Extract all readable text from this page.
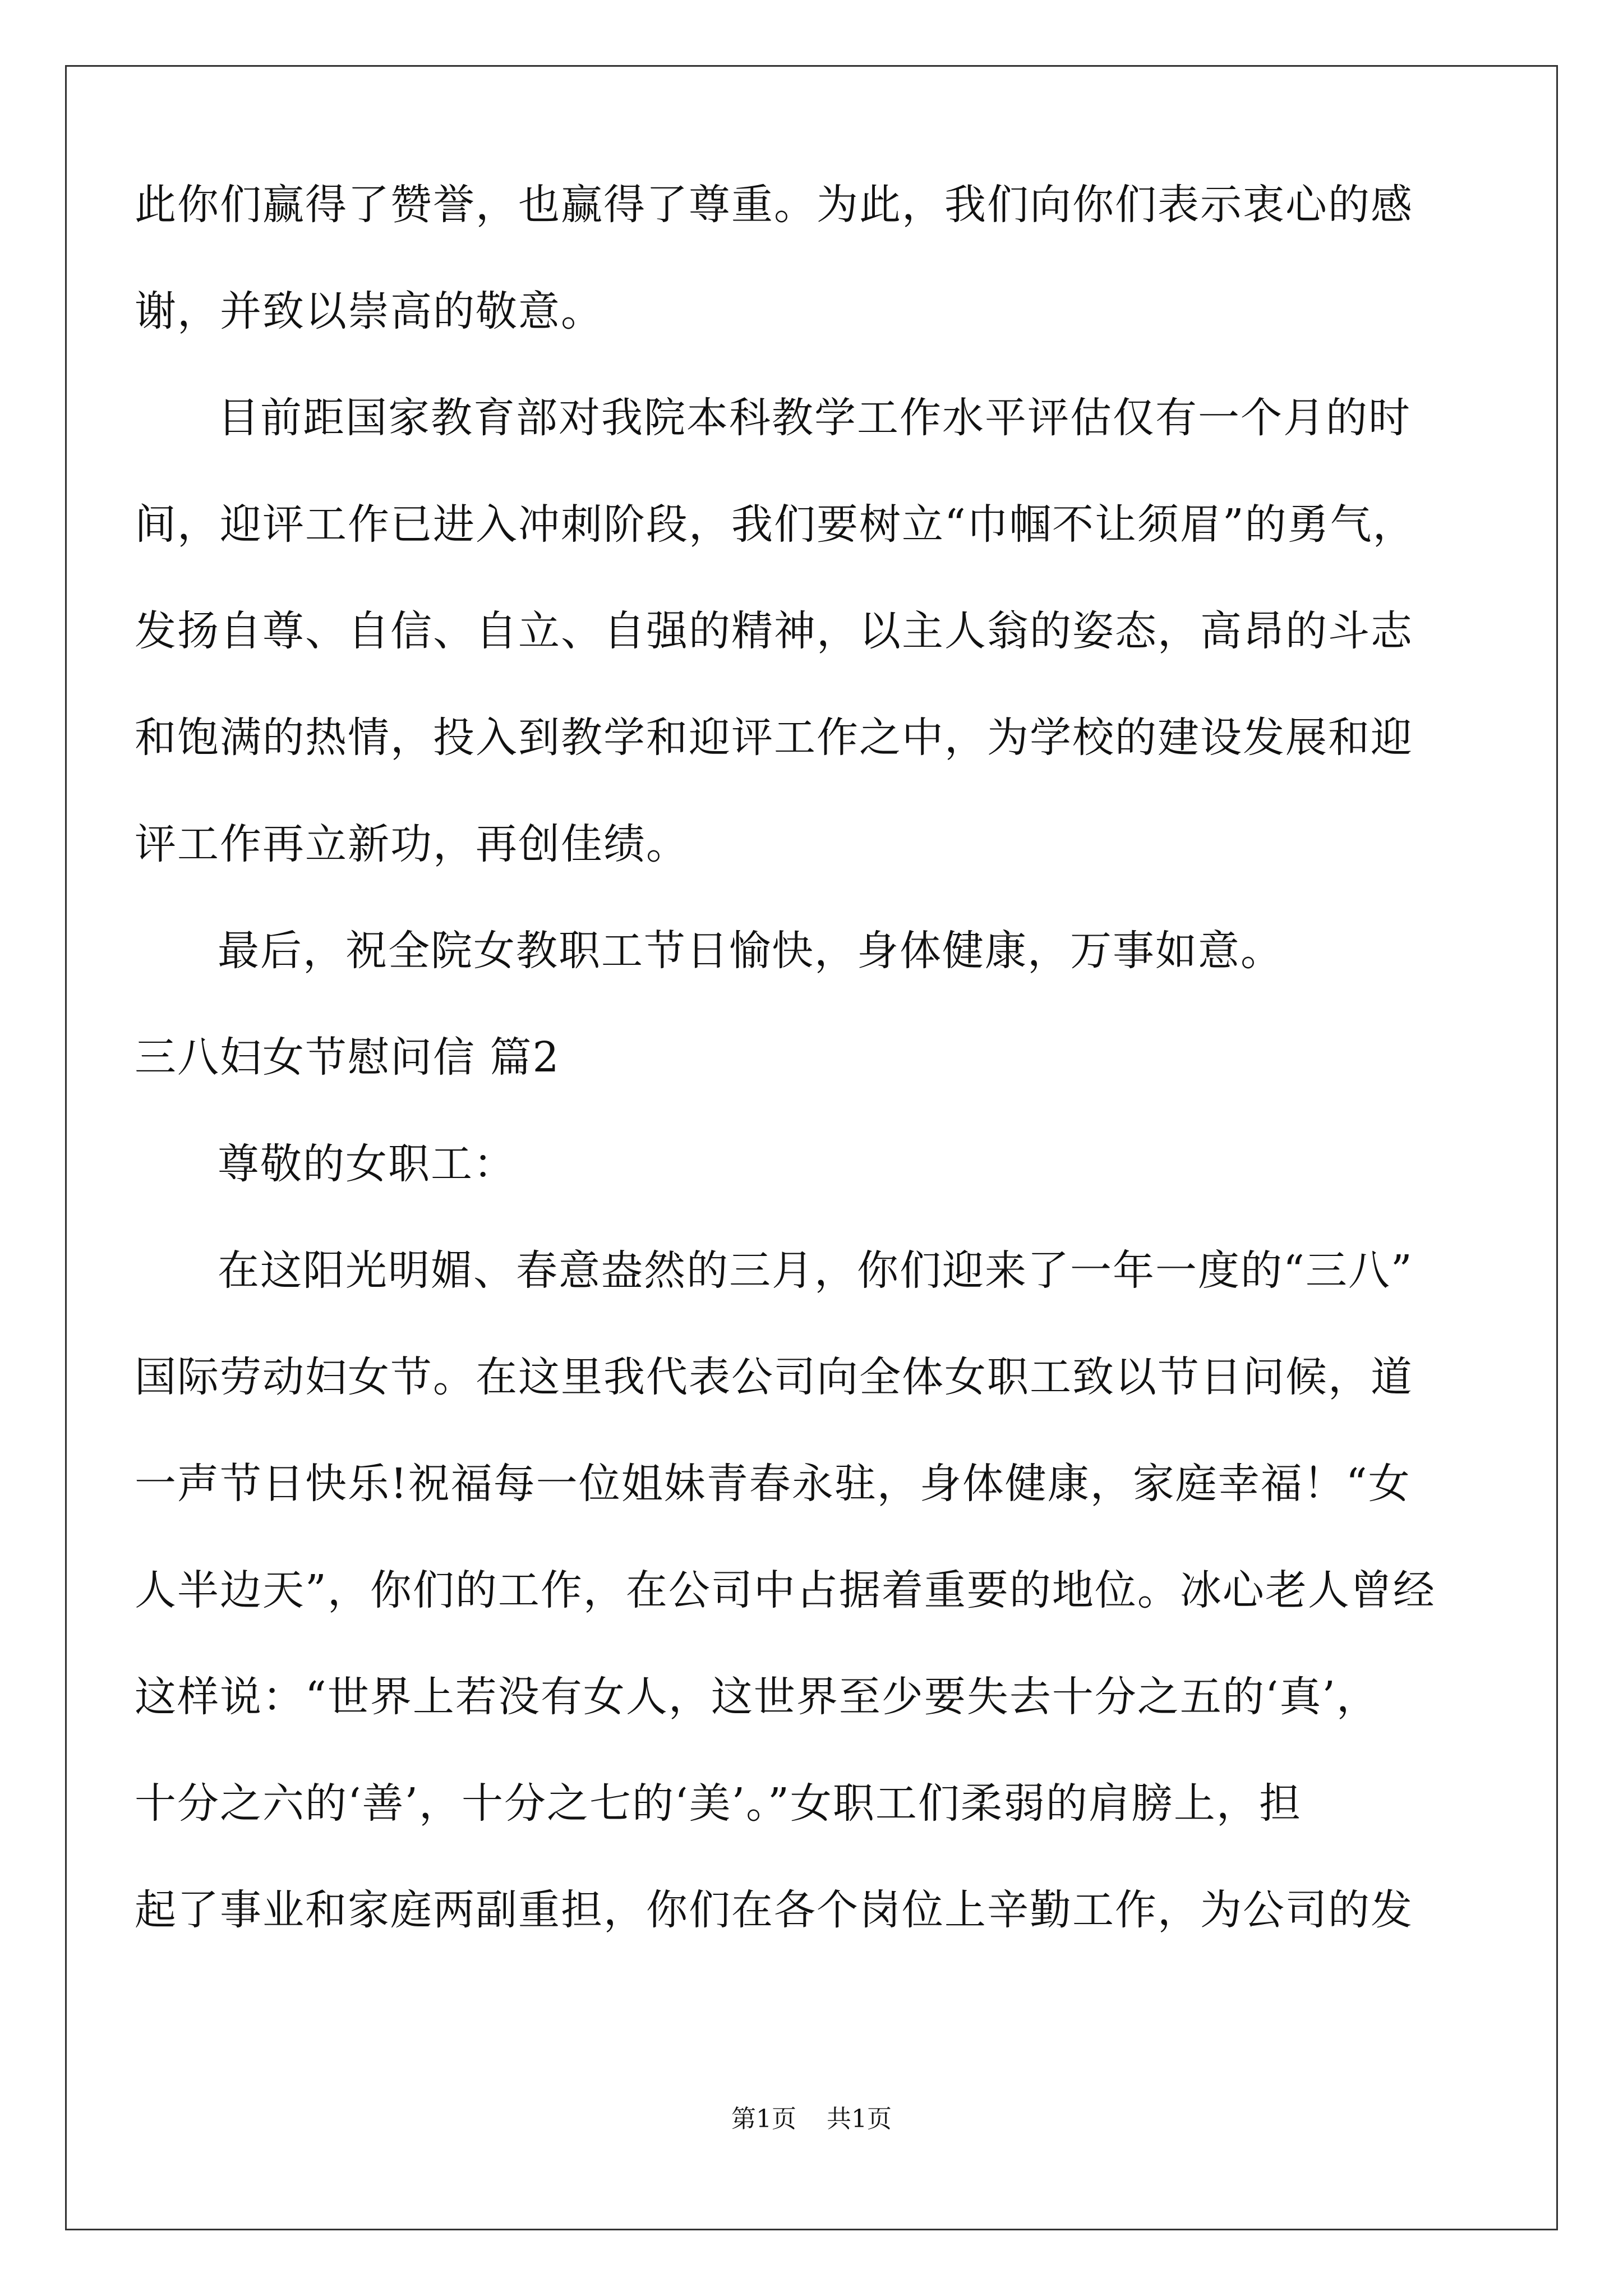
此你们赢得了赞誉，也赢得了尊重。为此，我们向你们表示衷心的感
谢，并致以崇高的敬意。
目前距国家教育部对我院本科教学工作水平评估仅有一个月的时
间，迎评工作已进入冲刺阶段，我们要树立“巾帼不让须眉”的勇气，
发扬自尊、自信、自立、自强的精神，以主人翁的姿态，高昂的斗志
和饱满的热情，投入到教学和迎评工作之中，为学校的建设发展和迎
评工作再立新功，再创佳绩。
最后，祝全院女教职工节日愉快，身体健康，万事如意。
三八妇女节慰问信 篇2
尊敬的女职工：
在这阳光明媚、春意盎然的三月，你们迎来了一年一度的“三八”
国际劳动妇女节。在这里我代表公司向全体女职工致以节日问候，道
一声节日快乐!祝福每一位姐妹青春永驻，身体健康，家庭幸福！“女
人半边天”，你们的工作，在公司中占据着重要的地位。冰心老人曾经
这样说：“世界上若没有女人，这世界至少要失去十分之五的‘真’，
十分之六的‘善’，十分之七的‘美’。”女职工们柔弱的肩膀上，担
起了事业和家庭两副重担，你们在各个岗位上辛勤工作，为公司的发
第1页 共1页
